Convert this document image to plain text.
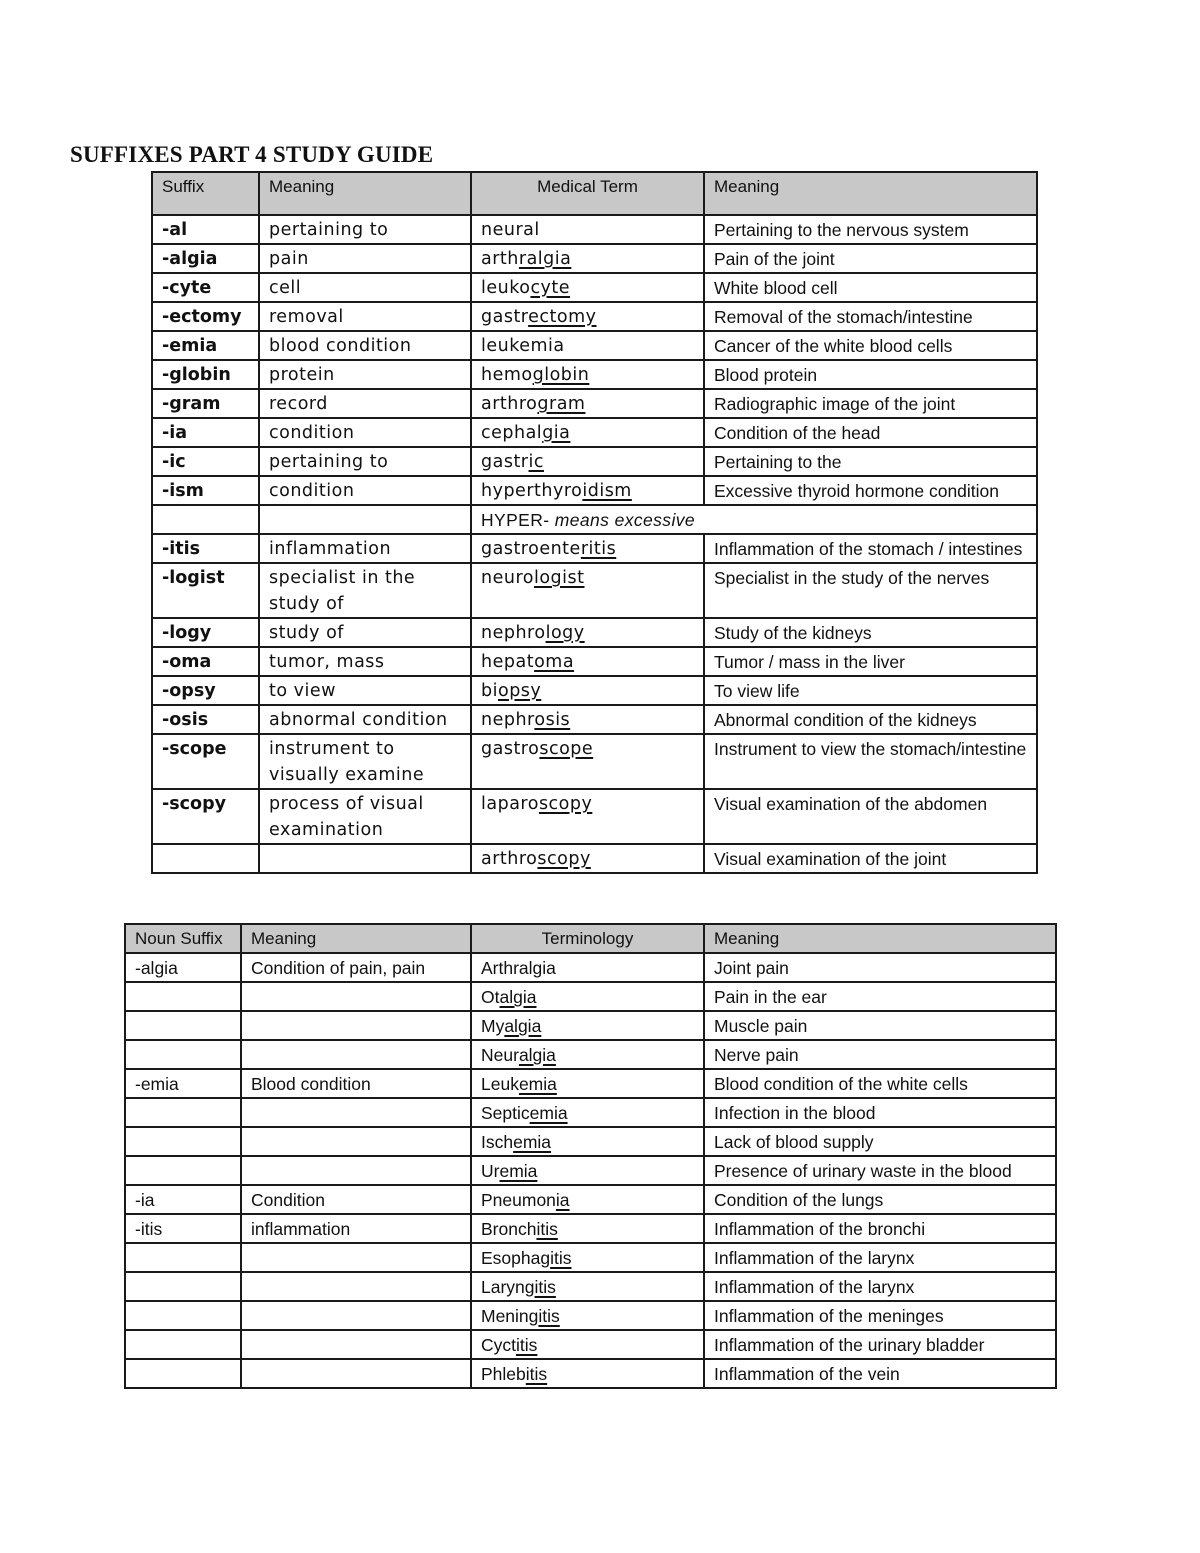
SUFFIXES PART 4 STUDY GUIDE
Suffix	Meaning	Medical Term	Meaning
-al	pertaining to	neural	Pertaining to the nervous system
-algia	pain	arthralgia	Pain of the joint
-cyte	cell	leukocyte	White blood cell
-ectomy	removal	gastrectomy	Removal of the stomach/intestine
-emia	blood condition	leukemia	Cancer of the white blood cells
-globin	protein	hemoglobin	Blood protein
-gram	record	arthrogram	Radiographic image of the joint
-ia	condition	cephalgia	Condition of the head
-ic	pertaining to	gastric	Pertaining to the
-ism	condition	hyperthyroidism	Excessive thyroid hormone condition
		HYPER- means excessive	
-itis	inflammation	gastroenteritis	Inflammation of the stomach / intestines
-logist	specialist in the study of	neurologist	Specialist in the study of the nerves
-logy	study of	nephrology	Study of the kidneys
-oma	tumor, mass	hepatoma	Tumor / mass in the liver
-opsy	to view	biopsy	To view life
-osis	abnormal condition	nephrosis	Abnormal condition of the kidneys
-scope	instrument to visually examine	gastroscope	Instrument to view the stomach/intestine
-scopy	process of visual examination	laparoscopy	Visual examination of the abdomen
		arthroscopy	Visual examination of the joint
Noun Suffix	Meaning	Terminology	Meaning
-algia	Condition of pain, pain	Arthralgia	Joint pain
		Otalgia	Pain in the ear
		Myalgia	Muscle pain
		Neuralgia	Nerve pain
-emia	Blood condition	Leukemia	Blood condition of the white cells
		Septicemia	Infection in the blood
		Ischemia	Lack of blood supply
		Uremia	Presence of urinary waste in the blood
-ia	Condition	Pneumonia	Condition of the lungs
-itis	inflammation	Bronchitis	Inflammation of the bronchi
		Esophagitis	Inflammation of the larynx
		Laryngitis	Inflammation of the larynx
		Meningitis	Inflammation of the meninges
		Cyctitis	Inflammation of the urinary bladder
		Phlebitis	Inflammation of the vein
